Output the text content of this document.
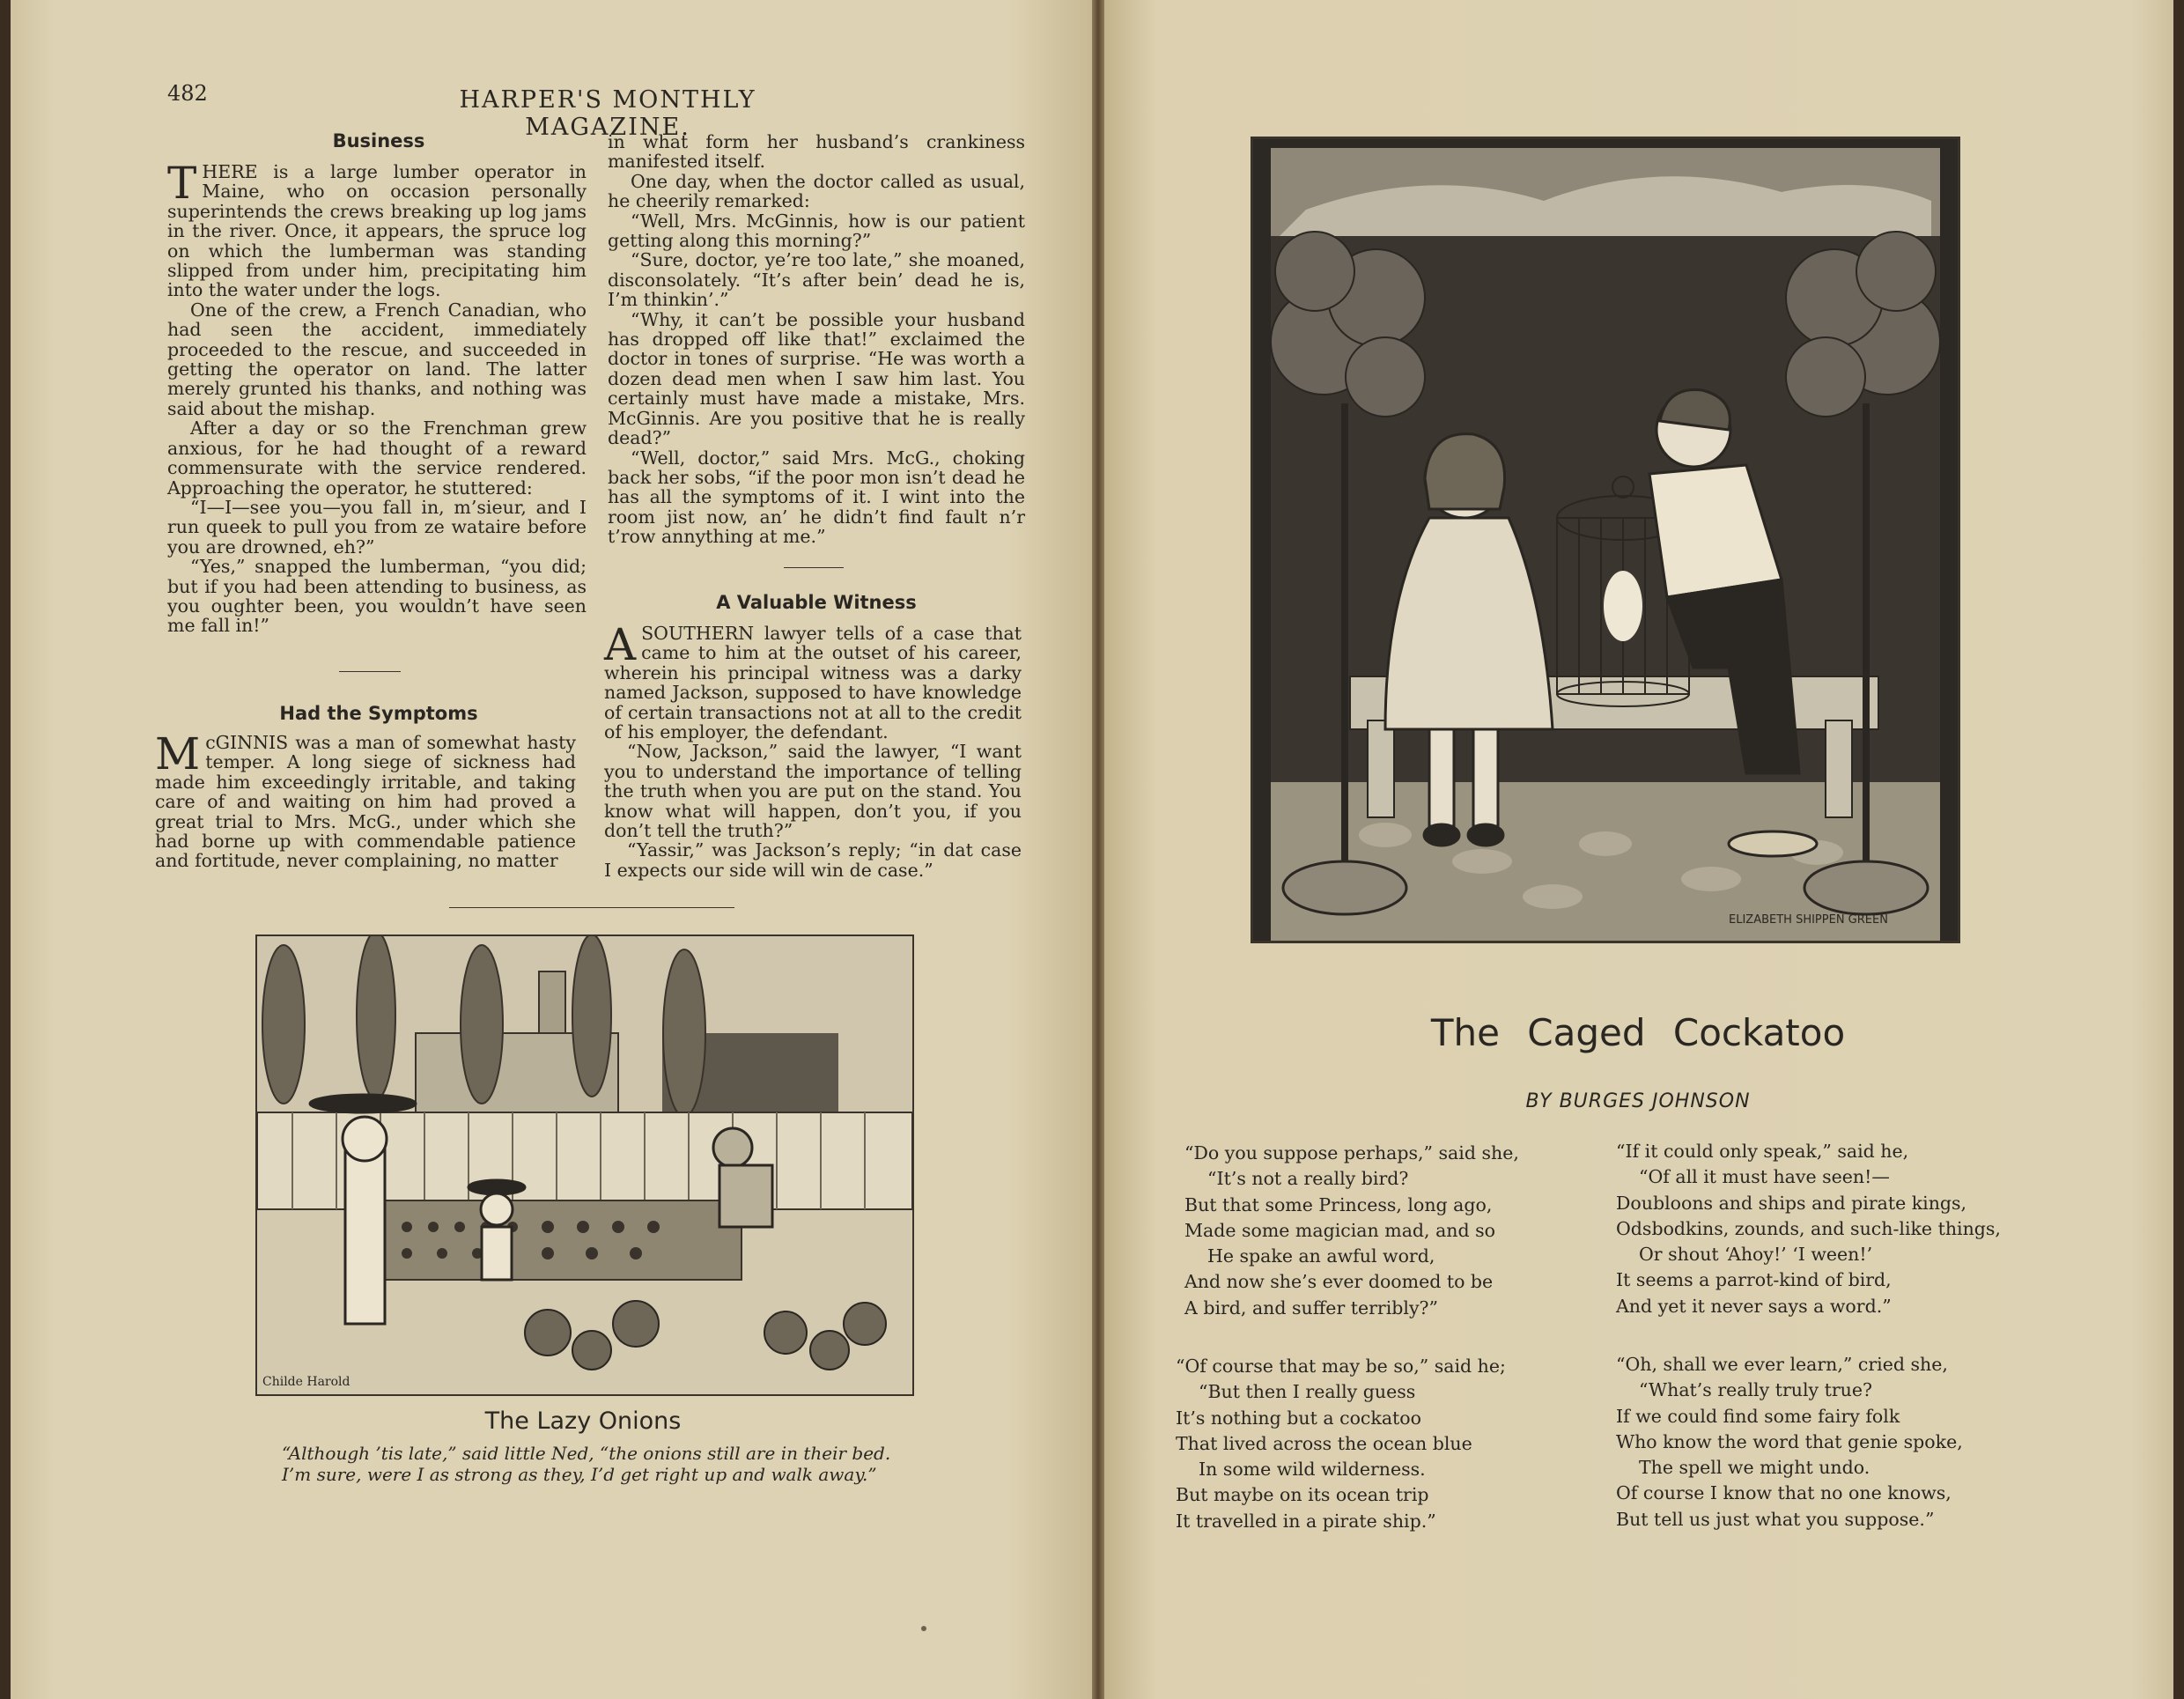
482	HARPER'S MONTHLY MAGAZINE.
Business

THERE is a large lumber operator in Maine, who on occasion personally superintends the crews breaking up log jams in the river. Once, it appears, the spruce log on which the lumberman was standing slipped from under him, precipitating him into the water under the logs.

One of the crew, a French Canadian, who had seen the accident, immediately proceeded to the rescue, and succeeded in getting the operator on land. The latter merely grunted his thanks, and nothing was said about the mishap.

After a day or so the Frenchman grew anxious, for he had thought of a reward commensurate with the service rendered. Approaching the operator, he stuttered:

“I—I—see you—you fall in, m’sieur, and I run queek to pull you from ze wataire before you are drowned, eh?”

“Yes,” snapped the lumberman, “you did; but if you had been attending to business, as you oughter been, you wouldn’t have seen me fall in!”

Had the Symptoms

McGINNIS was a man of somewhat hasty temper. A long siege of sickness had made him exceedingly irritable, and taking care of and waiting on him had proved a great trial to Mrs. McG., under which she had borne up with commendable patience and fortitude, never complaining, no matter

in what form her husband’s crankiness manifested itself.

One day, when the doctor called as usual, he cheerily remarked:

“Well, Mrs. McGinnis, how is our patient getting along this morning?”

“Sure, doctor, ye’re too late,” she moaned, disconsolately. “It’s after bein’ dead he is, I’m thinkin’.”

“Why, it can’t be possible your husband has dropped off like that!” exclaimed the doctor in tones of surprise. “He was worth a dozen dead men when I saw him last. You certainly must have made a mistake, Mrs. McGinnis. Are you positive that he is really dead?”

“Well, doctor,” said Mrs. McG., choking back her sobs, “if the poor mon isn’t dead he has all the symptoms of it. I wint into the room jist now, an’ he didn’t find fault n’r t’row annything at me.”

A Valuable Witness

ASOUTHERN lawyer tells of a case that came to him at the outset of his career, wherein his principal witness was a darky named Jackson, supposed to have knowledge of certain transactions not at all to the credit of his employer, the defendant.

“Now, Jackson,” said the lawyer, “I want you to understand the importance of telling the truth when you are put on the stand. You know what will happen, don’t you, if you don’t tell the truth?”

“Yassir,” was Jackson’s reply; “in dat case I expects our side will win de case.”

Childe Harold
The Lazy Onions

“Although ’tis late,” said little Ned, “the onions still are in their bed.

I’m sure, were I as strong as they, I’d get right up and walk away.”

ELIZABETH SHIPPEN GREEN
The Caged Cockatoo
BY BURGES JOHNSON
“Do you suppose perhaps,” said she,
“It’s not a really bird?
But that some Princess, long ago,
Made some magician mad, and so
He spake an awful word,
And now she’s ever doomed to be
A bird, and suffer terribly?”
“If it could only speak,” said he,
“Of all it must have seen!—
Doubloons and ships and pirate kings,
Odsbodkins, zounds, and such-like things,
Or shout ‘Ahoy!’ ‘I ween!’
It seems a parrot-kind of bird,
And yet it never says a word.”
“Of course that may be so,” said he;
“But then I really guess
It’s nothing but a cockatoo
That lived across the ocean blue
In some wild wilderness.
But maybe on its ocean trip
It travelled in a pirate ship.”
“Oh, shall we ever learn,” cried she,
“What’s really truly true?
If we could find some fairy folk
Who know the word that genie spoke,
The spell we might undo.
Of course I know that no one knows,
But tell us just what you suppose.”
